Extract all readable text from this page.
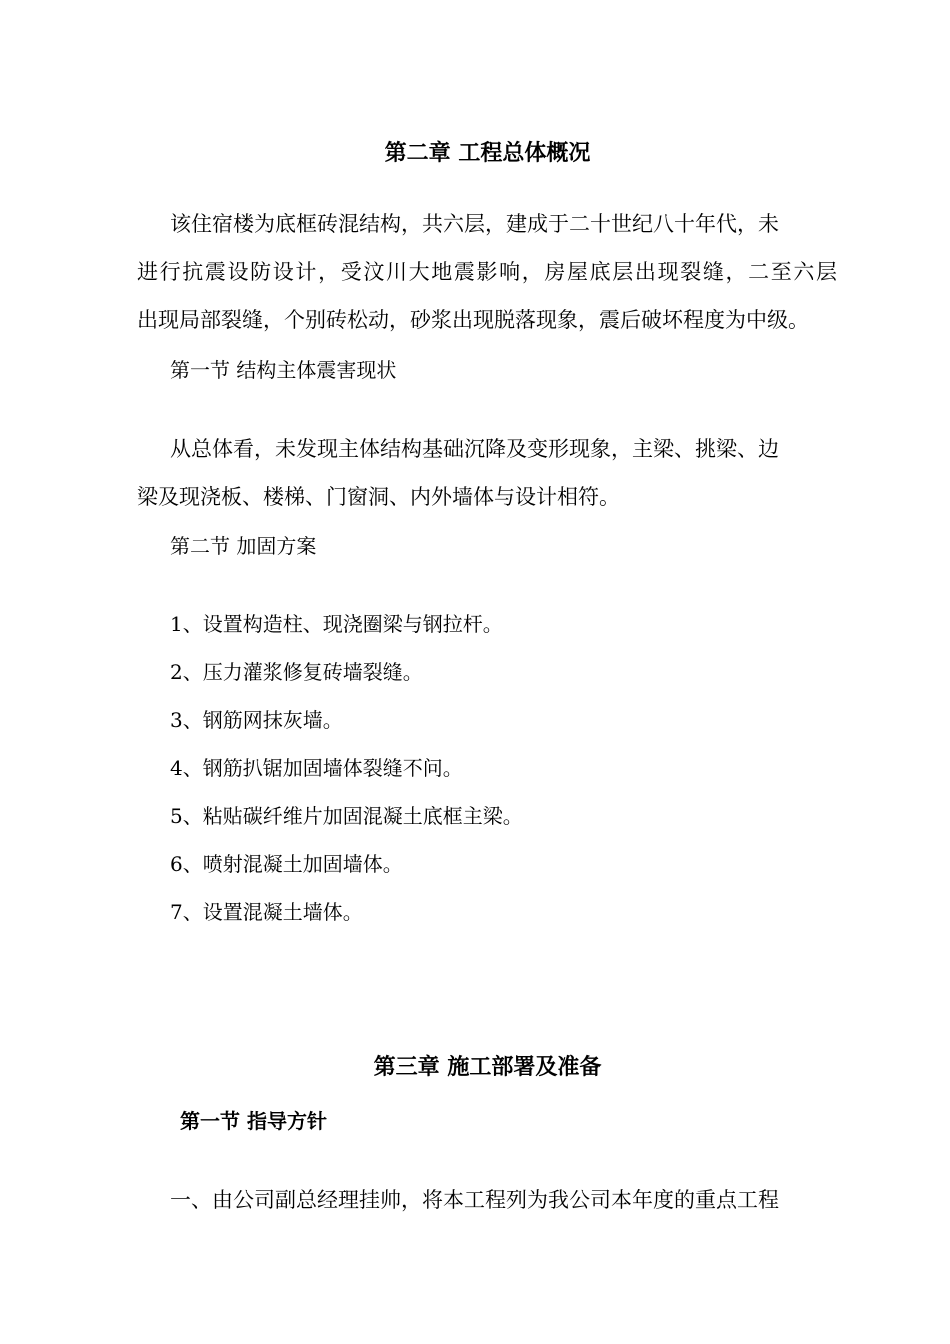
第二章 工程总体概况
该住宿楼为底框砖混结构，共六层，建成于二十世纪八十年代，未
进行抗震设防设计，受汶川大地震影响，房屋底层出现裂缝，二至六层
出现局部裂缝，个别砖松动，砂浆出现脱落现象，震后破坏程度为中级。
第一节 结构主体震害现状
从总体看，未发现主体结构基础沉降及变形现象，主梁、挑梁、边
梁及现浇板、楼梯、门窗洞、内外墙体与设计相符。
第二节 加固方案
1、设置构造柱、现浇圈梁与钢拉杆。
2、压力灌浆修复砖墙裂缝。
3、钢筋网抹灰墙。
4、钢筋扒锯加固墙体裂缝不问。
5、粘贴碳纤维片加固混凝土底框主梁。
6、喷射混凝土加固墙体。
7、设置混凝土墙体。
第三章 施工部署及准备
第一节 指导方针
一、由公司副总经理挂帅，将本工程列为我公司本年度的重点工程
